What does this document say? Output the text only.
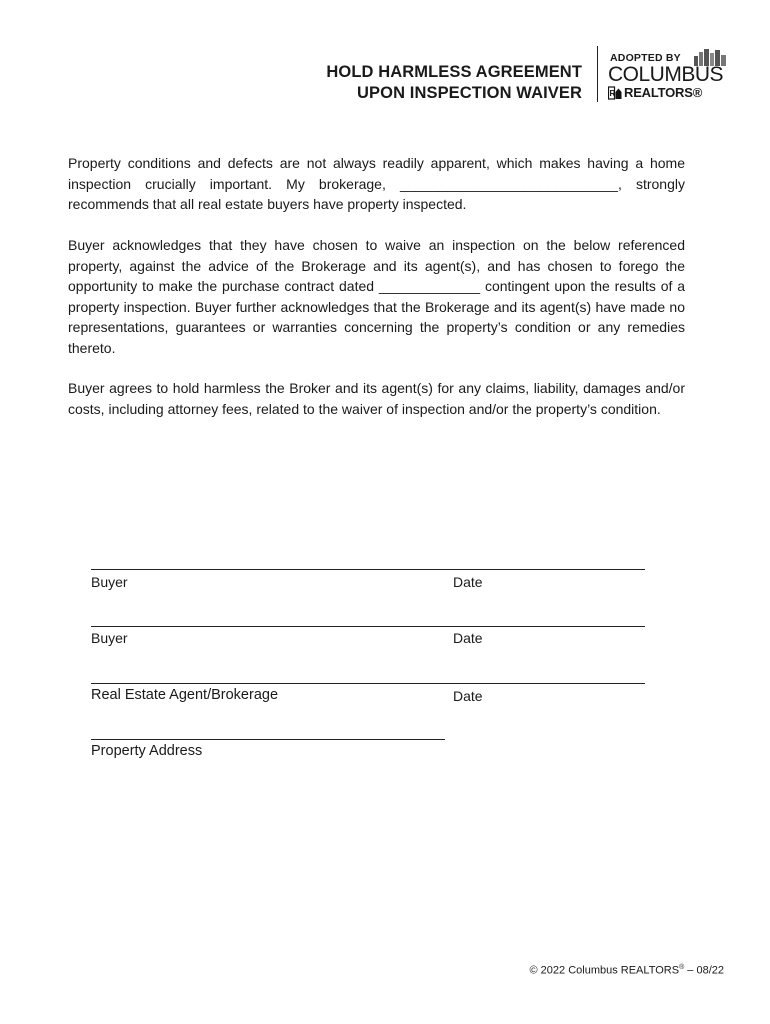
HOLD HARMLESS AGREEMENT
UPON INSPECTION WAIVER
ADOPTED BY
COLUMBUS
R REALTORS®

Property conditions and defects are not always readily apparent, which makes having a home inspection crucially important. My brokerage, ____________________________, strongly recommends that all real estate buyers have property inspected.

Buyer acknowledges that they have chosen to waive an inspection on the below referenced property, against the advice of the Brokerage and its agent(s), and has chosen to forego the opportunity to make the purchase contract dated _____________ contingent upon the results of a property inspection. Buyer further acknowledges that the Brokerage and its agent(s) have made no representations, guarantees or warranties concerning the property’s condition or any remedies thereto.

Buyer agrees to hold harmless the Broker and its agent(s) for any claims, liability, damages and/or costs, including attorney fees, related to the waiver of inspection and/or the property’s condition.

Buyer	Date
Buyer	Date
Real Estate Agent/Brokerage	Date
Property Address
© 2022 Columbus REALTORS® – 08/22
